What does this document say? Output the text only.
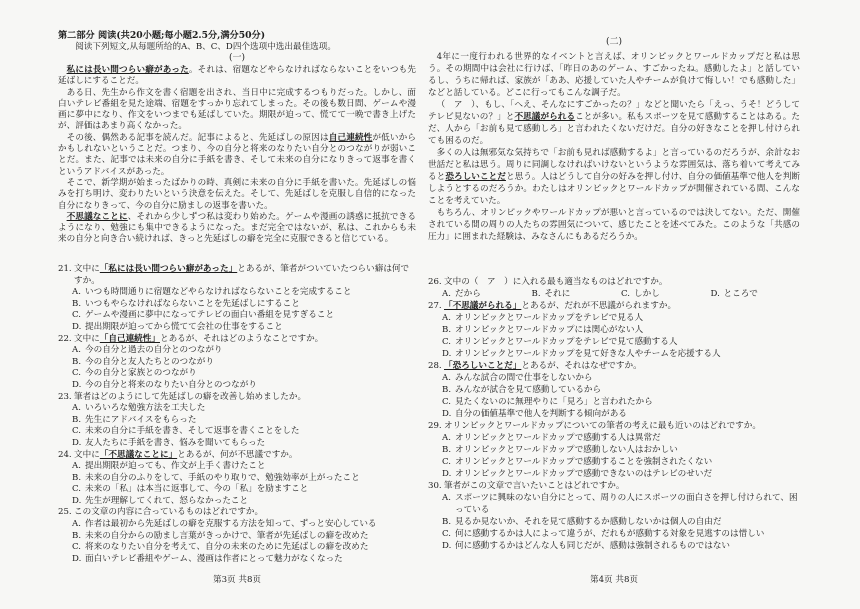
第二部分 阅读(共20小题;每小题2.5分,满分50分)
阅读下列短文,从每题所给的A、B、C、D四个选项中选出最佳选项。
(一)

私には長い間つらい癖があった。それは、宿題などやらなければならないことをいつも先延ばしにすることだ。

ある日、先生から作文を書く宿題を出され、当日中に完成するつもりだった。しかし、面白いテレビ番組を見た途端、宿題をすっかり忘れてしまった。その後も数日間、ゲームや漫画に夢中になり、作文をいつまでも延ばしていた。期限が迫って、慌てて一晩で書き上げたが、評価はあまり高くなかった。

その後、偶然ある記事を読んだ。記事によると、先延ばしの原因は自己連続性が低いからかもしれないということだ。つまり、今の自分と将来のなりたい自分とのつながりが弱いことだ。また、記事では未来の自分に手紙を書き、そして未来の自分になりきって返事を書くというアドバイスがあった。

そこで、新学期が始まったばかりの時、真剣に未来の自分に手紙を書いた。先延ばしの悩みを打ち明け、変わりたいという決意を伝えた。そして、先延ばしを克服し自信的になった自分になりきって、今の自分に励ましの返事を書いた。

不思議なことに、それから少しずつ私は変わり始めた。ゲームや漫画の誘惑に抵抗できるようになり、勉強にも集中できるようになった。まだ完全ではないが、私は、これからも未来の自分と向き合い続ければ、きっと先延ばしの癖を完全に克服できると信じている。

21. 文中に「私には長い間つらい癖があった」とあるが、筆者がついていたつらい癖は何ですか。
A. いつも時間通りに宿題などやらなければならないことを完成すること
B. いつもやらなければならないことを先延ばしにすること
C. ゲームや漫画に夢中になってテレビの面白い番組を見すぎること
D. 提出期限が迫ってから慌てて会社の仕事をすること
22. 文中に「自己連続性」とあるが、それはどのようなことですか。
A. 今の自分と過去の自分とのつながり
B. 今の自分と友人たちとのつながり
C. 今の自分と家族とのつながり
D. 今の自分と将来のなりたい自分とのつながり
23. 筆者はどのようにして先延ばしの癖を改善し始めましたか。
A. いろいろな勉強方法を工夫した
B. 先生にアドバイスをもらった
C. 未来の自分に手紙を書き、そして返事を書くことをした
D. 友人たちに手紙を書き、悩みを聞いてもらった
24. 文中に「不思議なことに」とあるが、何が不思議ですか。
A. 提出期限が迫っても、作文が上手く書けたこと
B. 未来の自分のふりをして、手紙のやり取りで、勉強効率が上がったこと
C. 未来の「私」は本当に返事して、今の「私」を励ますこと
D. 先生が理解してくれて、怒らなかったこと
25. この文章の内容に合っているものはどれですか。
A. 作者は最初から先延ばしの癖を克服する方法を知って、ずっと安心している
B. 未来の自分からの励まし言葉がきっかけで、筆者が先延ばしの癖を改めた
C. 将来のなりたい自分を考えて、自分の未来のために先延ばしの癖を改めた
D. 面白いテレビ番組やゲーム、漫画は作者にとって魅力がなくなった
第3页 共8页
(二)

4年に一度行われる世界的なイベントと言えば、オリンピックとワールドカップだと私は思う。その期間中は会社に行けば、「昨日のあのゲーム、すごかったね。感動したよ」と話しているし、うちに帰れば、家族が「ああ、応援していた人やチームが負けて悔しい！でも感動した」などと話している。どこに行ってもこんな調子だ。

（　ア　）、もし、「へえ、そんなにすごかったの？」などと聞いたら「えっ、うそ！どうしてテレビ見ないの？」と不思議がられることが多い。私もスポーツを見て感動することはある。ただ、人から「お前も見て感動しろ」と言われたくないだけだ。自分の好きなことを押し付けられても困るのだ。

多くの人は無邪気な気持ちで「お前も見れば感動するよ」と言っているのだろうが、余計なお世話だと私は思う。周りに同調しなければいけないというような雰囲気は、落ち着いて考えてみると恐ろしいことだと思う。人はどうして自分の好みを押し付け、自分の価値基準で他人を判断しようとするのだろうか。わたしはオリンピックとワールドカップが開催されている間、こんなことを考えていた。

もちろん、オリンピックやワールドカップが悪いと言っているのでは決してない。ただ、開催されている間の周りの人たちの雰囲気について、感じたことを述べてみた。このような「共感の圧力」に囲まれた経験は、みなさんにもあるだろうか。

26. 文中の（　ア　）に入れる最も適当なものはどれですか。
A. だから	B. それに	C. しかし	D. ところで
27. 「不思議がられる」とあるが、だれが不思議がられますか。
A. オリンピックとワールドカップをテレビで見る人
B. オリンピックとワールドカップには関心がない人
C. オリンピックとワールドカップをテレビで見て感動する人
D. オリンピックとワールドカップを見て好きな人やチームを応援する人
28. 「恐ろしいことだ」とあるが、それはなぜですか。
A. みんな試合の間で仕事をしないから
B. みんなが試合を見て感動しているから
C. 見たくないのに無理やりに「見ろ」と言われたから
D. 自分の価値基準で他人を判断する傾向がある
29. オリンピックとワールドカップについての筆者の考えに最も近いのはどれですか。
A. オリンピックとワールドカップで感動する人は異常だ
B. オリンピックとワールドカップで感動しない人はおかしい
C. オリンピックとワールドカップで感動することを強制されたくない
D. オリンピックとワールドカップで感動できないのはテレビのせいだ
30. 筆者がこの文章で言いたいことはどれですか。
A. スポーツに興味のない自分にとって、周りの人にスポーツの面白さを押し付けられて、困っている
B. 見るか見ないか、それを見て感動するか感動しないかは個人の自由だ
C. 何に感動するかは人によって違うが、だれもが感動する対象を見逃すのは惜しい
D. 何に感動するかはどんな人も同じだが、感動は強制されるものではない
第4页 共8页
